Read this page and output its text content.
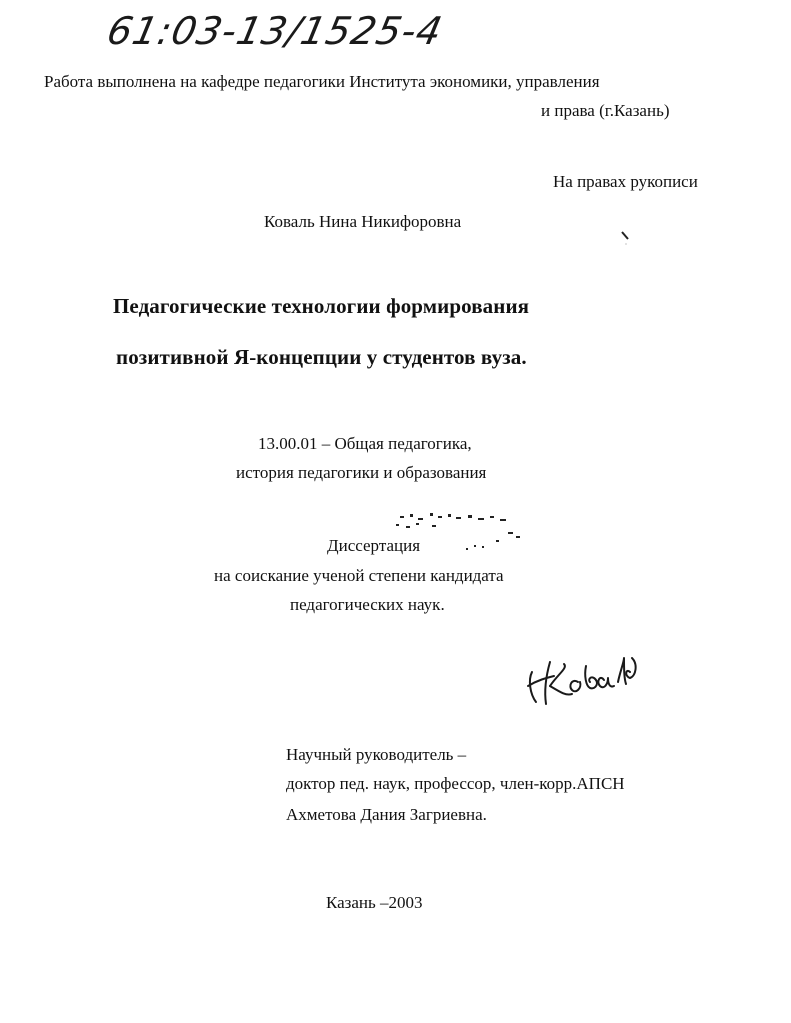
61:03-13/1525-4
Работа выполнена на кафедре педагогики Института экономики, управления
и права (г.Казань)
На правах рукописи
Коваль Нина Никифоровна
Педагогические технологии формирования
позитивной Я-концепции у студентов вуза.
13.00.01 – Общая педагогика,
история педагогики и образования
Диссертация
на соискание ученой степени кандидата
педагогических наук.
Научный руководитель –
доктор пед. наук, профессор, член-корр.АПСН
Ахметова Дания Загриевна.
Казань –2003
